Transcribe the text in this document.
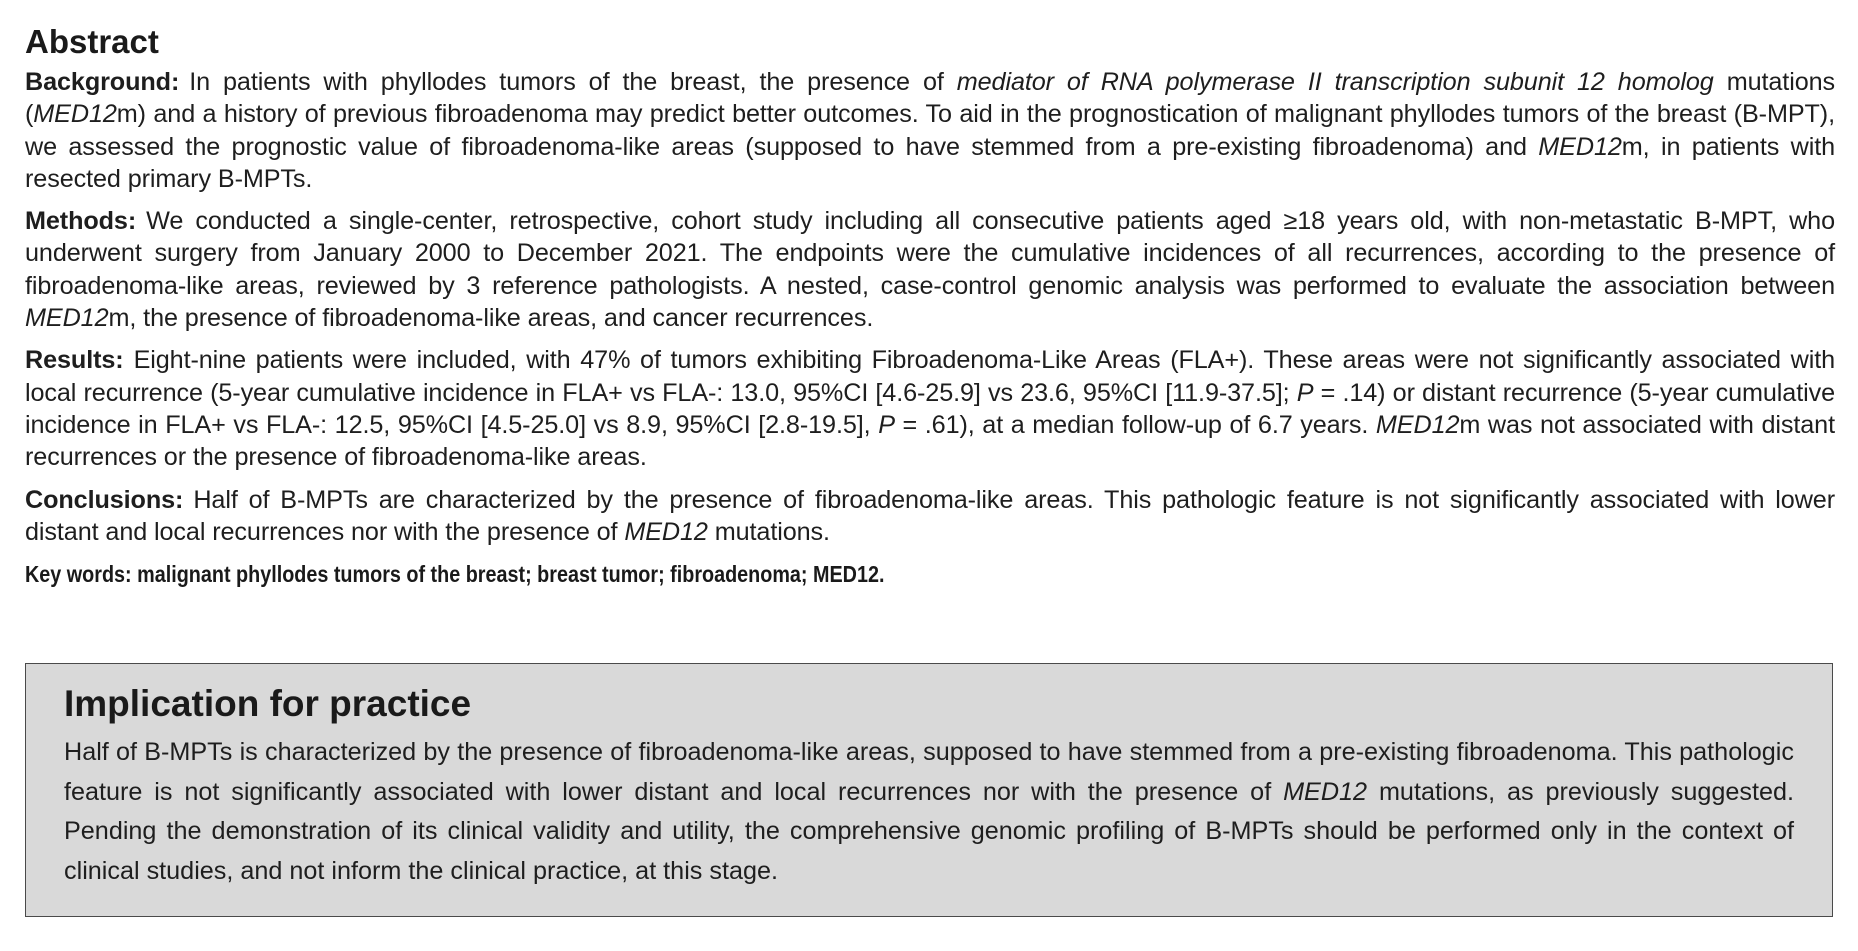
Abstract

Background: In patients with phyllodes tumors of the breast, the presence of mediator of RNA polymerase II transcription subunit 12 homolog mutations (MED12m) and a history of previous fibroadenoma may predict better outcomes. To aid in the prognostication of malignant phyllodes tumors of the breast (B-MPT), we assessed the prognostic value of fibroadenoma-like areas (supposed to have stemmed from a pre-existing fibroadenoma) and MED12m, in patients with resected primary B-MPTs.

Methods: We conducted a single-center, retrospective, cohort study including all consecutive patients aged ≥18 years old, with non-metastatic B-MPT, who underwent surgery from January 2000 to December 2021. The endpoints were the cumulative incidences of all recurrences, according to the presence of fibroadenoma-like areas, reviewed by 3 reference pathologists. A nested, case-control genomic analysis was performed to evaluate the association between MED12m, the presence of fibroadenoma-like areas, and cancer recurrences.

Results: Eight-nine patients were included, with 47% of tumors exhibiting Fibroadenoma-Like Areas (FLA+). These areas were not significantly associated with local recurrence (5-year cumulative incidence in FLA+ vs FLA-: 13.0, 95%CI [4.6-25.9] vs 23.6, 95%CI [11.9-37.5]; P = .14) or distant recurrence (5-year cumulative incidence in FLA+ vs FLA-: 12.5, 95%CI [4.5-25.0] vs 8.9, 95%CI [2.8-19.5], P = .61), at a median follow-up of 6.7 years. MED12m was not associated with distant recurrences or the presence of fibroadenoma-like areas.

Conclusions: Half of B-MPTs are characterized by the presence of fibroadenoma-like areas. This pathologic feature is not significantly associated with lower distant and local recurrences nor with the presence of MED12 mutations.

Key words: malignant phyllodes tumors of the breast; breast tumor; fibroadenoma; MED12.

Implication for practice

Half of B-MPTs is characterized by the presence of fibroadenoma-like areas, supposed to have stemmed from a pre-existing fibroadenoma. This pathologic feature is not significantly associated with lower distant and local recurrences nor with the presence of MED12 mutations, as previously suggested. Pending the demonstration of its clinical validity and utility, the comprehensive genomic profiling of B-MPTs should be performed only in the context of clinical studies, and not inform the clinical practice, at this stage.
